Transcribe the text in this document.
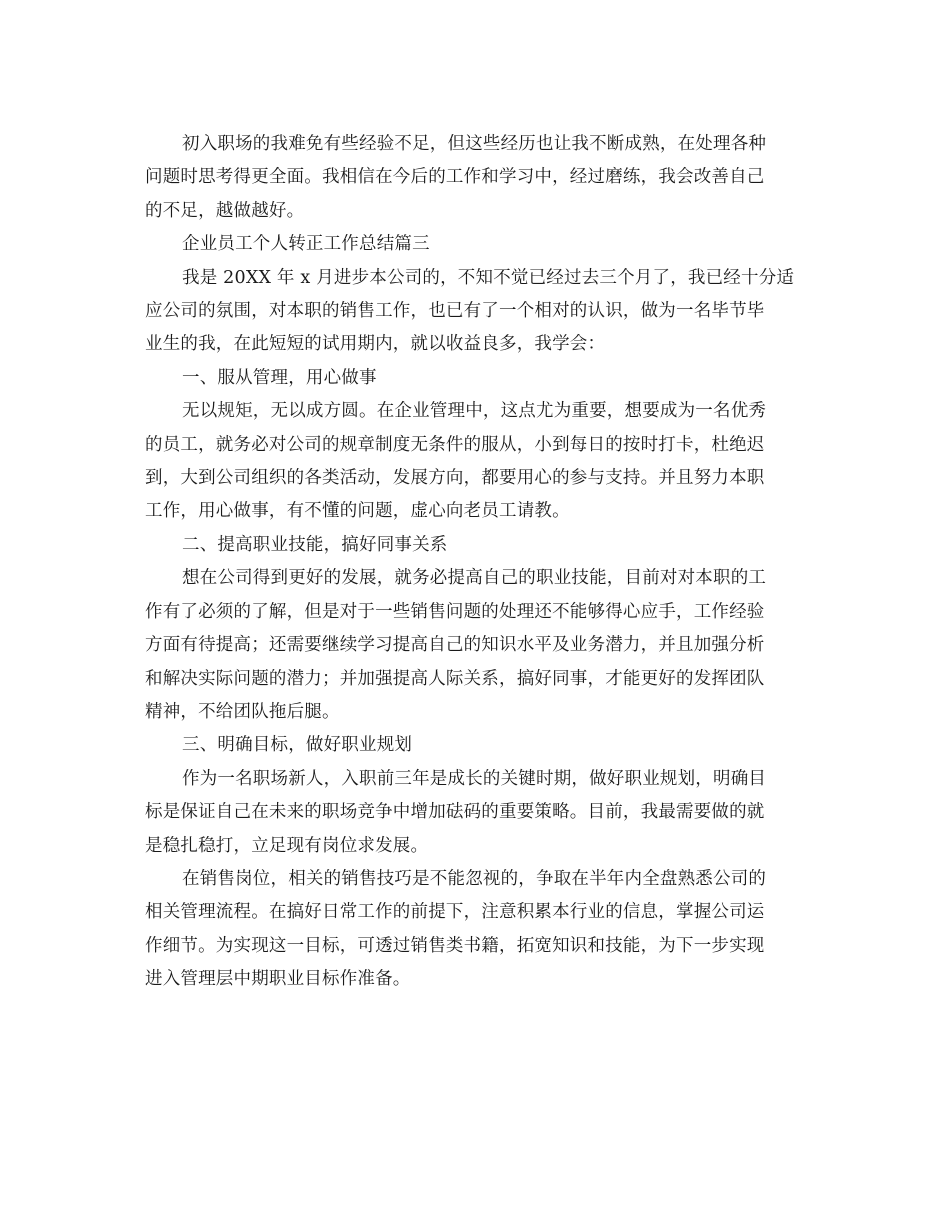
初入职场的我难免有些经验不足，但这些经历也让我不断成熟，在处理各种
问题时思考得更全面。我相信在今后的工作和学习中，经过磨练，我会改善自己
的不足，越做越好。
企业员工个人转正工作总结篇三
我是 20XX 年 x 月进步本公司的，不知不觉已经过去三个月了，我已经十分适
应公司的氛围，对本职的销售工作，也已有了一个相对的认识，做为一名毕节毕
业生的我，在此短短的试用期内，就以收益良多，我学会：
一、服从管理，用心做事
无以规矩，无以成方圆。在企业管理中，这点尤为重要，想要成为一名优秀
的员工，就务必对公司的规章制度无条件的服从，小到每日的按时打卡，杜绝迟
到，大到公司组织的各类活动，发展方向，都要用心的参与支持。并且努力本职
工作，用心做事，有不懂的问题，虚心向老员工请教。
二、提高职业技能，搞好同事关系
想在公司得到更好的发展，就务必提高自己的职业技能，目前对对本职的工
作有了必须的了解，但是对于一些销售问题的处理还不能够得心应手，工作经验
方面有待提高；还需要继续学习提高自己的知识水平及业务潜力，并且加强分析
和解决实际问题的潜力；并加强提高人际关系，搞好同事，才能更好的发挥团队
精神，不给团队拖后腿。
三、明确目标，做好职业规划
作为一名职场新人，入职前三年是成长的关键时期，做好职业规划，明确目
标是保证自己在未来的职场竞争中增加砝码的重要策略。目前，我最需要做的就
是稳扎稳打，立足现有岗位求发展。
在销售岗位，相关的销售技巧是不能忽视的，争取在半年内全盘熟悉公司的
相关管理流程。在搞好日常工作的前提下，注意积累本行业的信息，掌握公司运
作细节。为实现这一目标，可透过销售类书籍，拓宽知识和技能，为下一步实现
进入管理层中期职业目标作准备。
